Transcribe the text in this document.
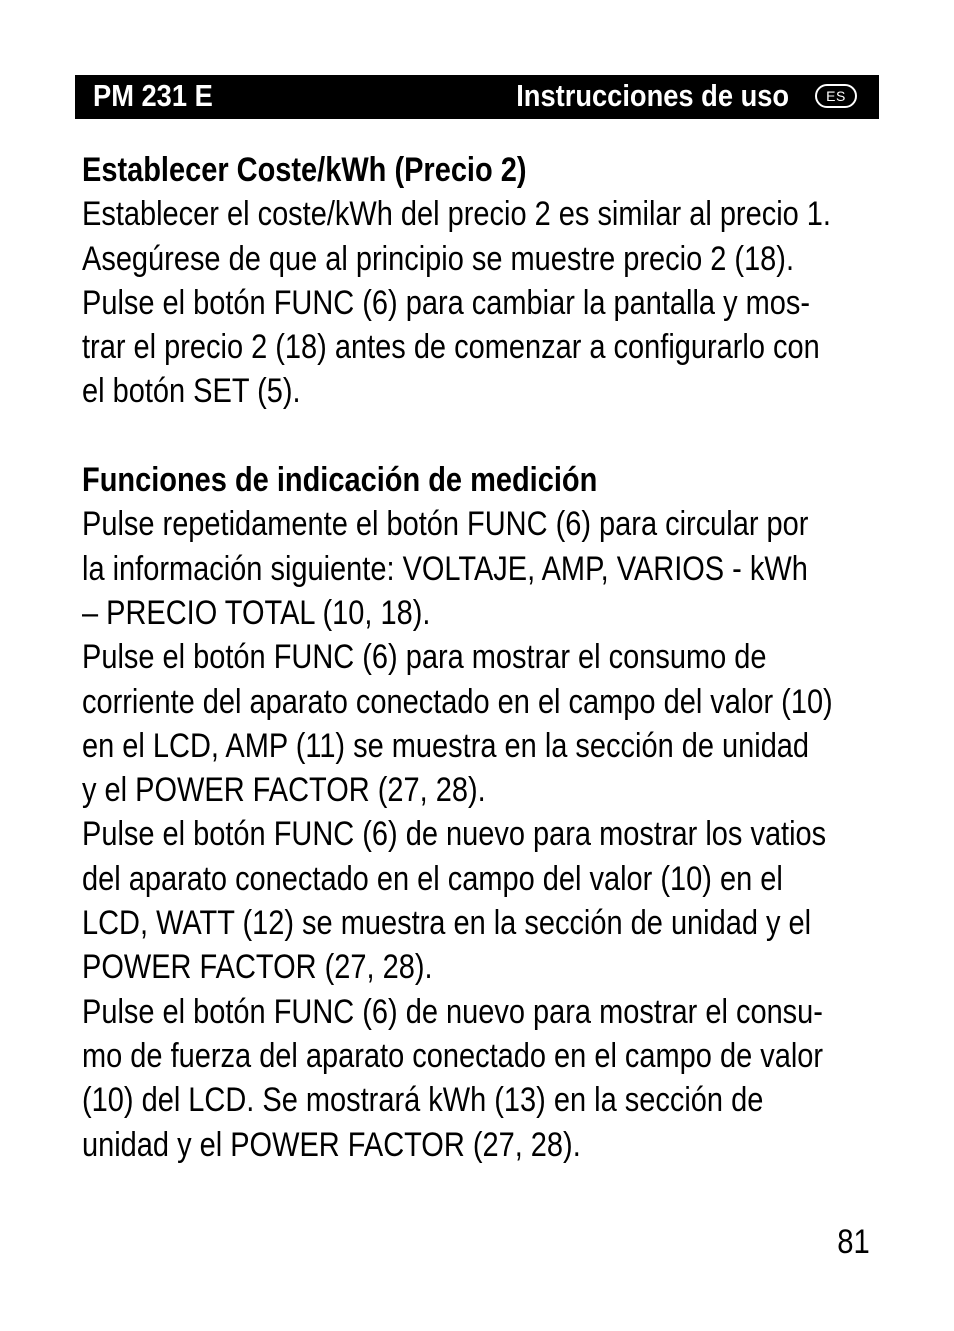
PM 231 E	Instrucciones de uso	ES
Establecer Coste/kWh (Precio 2)
Establecer el coste/kWh del precio 2 es similar al precio 1.
Asegúrese de que al principio se muestre precio 2 (18).
Pulse el botón FUNC (6) para cambiar la pantalla y mos-
trar el precio 2 (18) antes de comenzar a configurarlo con
el botón SET (5).
Funciones de indicación de medición
Pulse repetidamente el botón FUNC (6) para circular por
la información siguiente: VOLTAJE, AMP, VARIOS - kWh
– PRECIO TOTAL (10, 18).
Pulse el botón FUNC (6) para mostrar el consumo de
corriente del aparato conectado en el campo del valor (10)
en el LCD, AMP (11) se muestra en la sección de unidad
y el POWER FACTOR (27, 28).
Pulse el botón FUNC (6) de nuevo para mostrar los vatios
del aparato conectado en el campo del valor (10) en el
LCD, WATT (12) se muestra en la sección de unidad y el
POWER FACTOR (27, 28).
Pulse el botón FUNC (6) de nuevo para mostrar el consu-
mo de fuerza del aparato conectado en el campo de valor
(10) del LCD. Se mostrará kWh (13) en la sección de
unidad y el POWER FACTOR (27, 28).
81
